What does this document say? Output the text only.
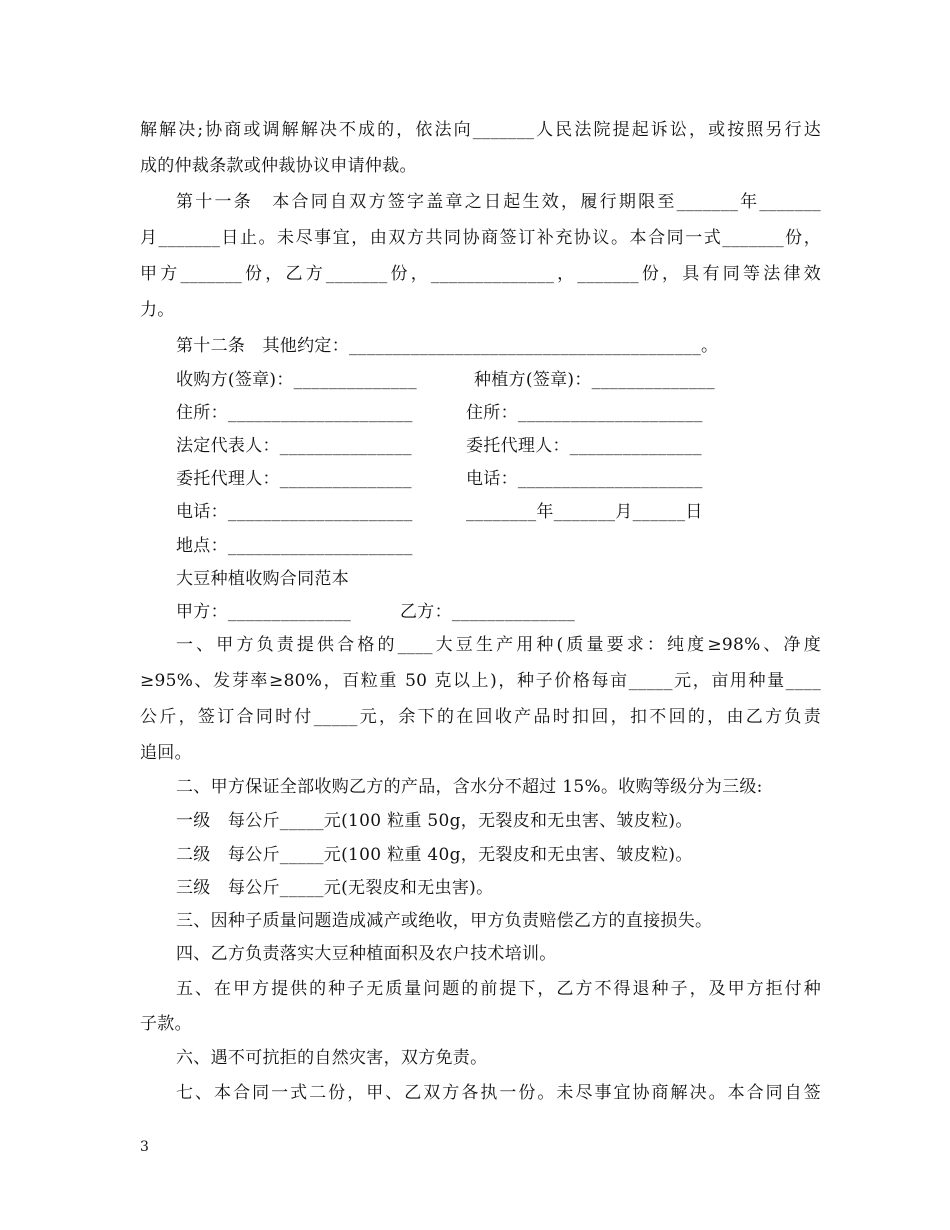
解解决;协商或调解解决不成的，依法向_______人民法院提起诉讼，或按照另行达
成的仲裁条款或仲裁协议申请仲裁。
第十一条　本合同自双方签字盖章之日起生效，履行期限至_______年_______
月_______日止。未尽事宜，由双方共同协商签订补充协议。本合同一式_______份，
甲方_______份，乙方_______份，______________，_______份，具有同等法律效
力。
第十二条　其他约定：________________________________________。
收购方(签章)：______________	种植方(签章)：______________
住所：_____________________	住所：_____________________
法定代表人：_______________	委托代理人：_______________
委托代理人：_______________	电话：_____________________
电话：_____________________	________年_______月______日
地点：_____________________
大豆种植收购合同范本
甲方：______________	乙方：______________
一、甲方负责提供合格的____大豆生产用种(质量要求：纯度≥98%、净度
≥95%、发芽率≥80%，百粒重 50 克以上)，种子价格每亩_____元，亩用种量____
公斤，签订合同时付_____元，余下的在回收产品时扣回，扣不回的，由乙方负责
追回。
二、甲方保证全部收购乙方的产品，含水分不超过 15%。收购等级分为三级:
一级　每公斤_____元(100 粒重 50g，无裂皮和无虫害、皱皮粒)。
二级　每公斤_____元(100 粒重 40g，无裂皮和无虫害、皱皮粒)。
三级　每公斤_____元(无裂皮和无虫害)。
三、因种子质量问题造成减产或绝收，甲方负责赔偿乙方的直接损失。
四、乙方负责落实大豆种植面积及农户技术培训。
五、在甲方提供的种子无质量问题的前提下，乙方不得退种子，及甲方拒付种
子款。
六、遇不可抗拒的自然灾害，双方免责。
七、本合同一式二份，甲、乙双方各执一份。未尽事宜协商解决。本合同自签
3
